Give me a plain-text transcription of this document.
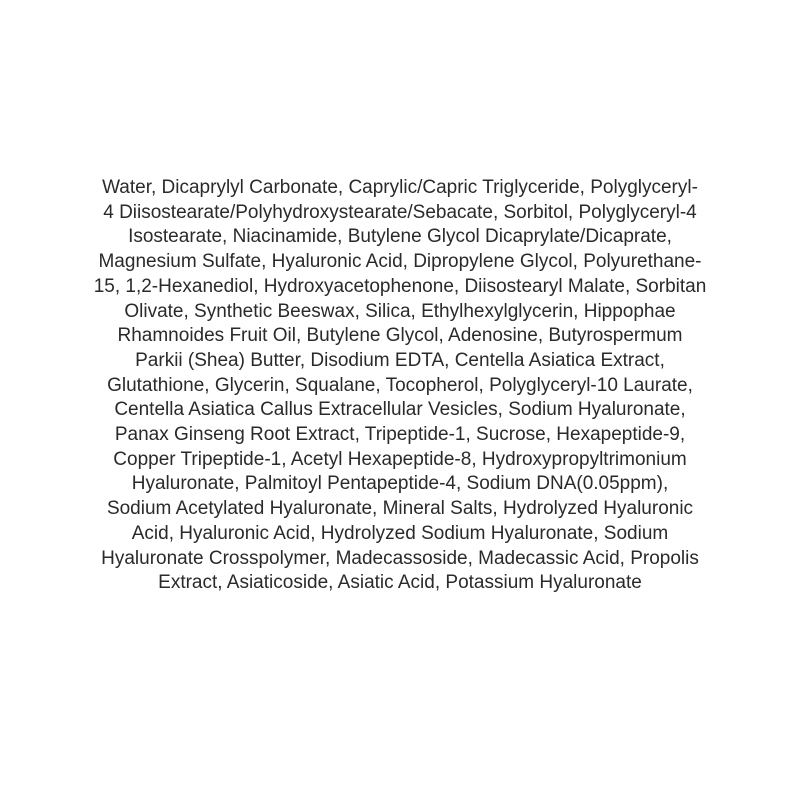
Water, Dicaprylyl Carbonate, Caprylic/Capric Triglyceride, Polyglyceryl-
4 Diisostearate/Polyhydroxystearate/Sebacate, Sorbitol, Polyglyceryl-4
Isostearate, Niacinamide, Butylene Glycol Dicaprylate/Dicaprate,
Magnesium Sulfate, Hyaluronic Acid, Dipropylene Glycol, Polyurethane-
15, 1,2-Hexanediol, Hydroxyacetophenone, Diisostearyl Malate, Sorbitan
Olivate, Synthetic Beeswax, Silica, Ethylhexylglycerin, Hippophae
Rhamnoides Fruit Oil, Butylene Glycol, Adenosine, Butyrospermum
Parkii (Shea) Butter, Disodium EDTA, Centella Asiatica Extract,
Glutathione, Glycerin, Squalane, Tocopherol, Polyglyceryl-10 Laurate,
Centella Asiatica Callus Extracellular Vesicles, Sodium Hyaluronate,
Panax Ginseng Root Extract, Tripeptide-1, Sucrose, Hexapeptide-9,
Copper Tripeptide-1, Acetyl Hexapeptide-8, Hydroxypropyltrimonium
Hyaluronate, Palmitoyl Pentapeptide-4, Sodium DNA(0.05ppm),
Sodium Acetylated Hyaluronate, Mineral Salts, Hydrolyzed Hyaluronic
Acid, Hyaluronic Acid, Hydrolyzed Sodium Hyaluronate, Sodium
Hyaluronate Crosspolymer, Madecassoside, Madecassic Acid, Propolis
Extract, Asiaticoside, Asiatic Acid, Potassium Hyaluronate
